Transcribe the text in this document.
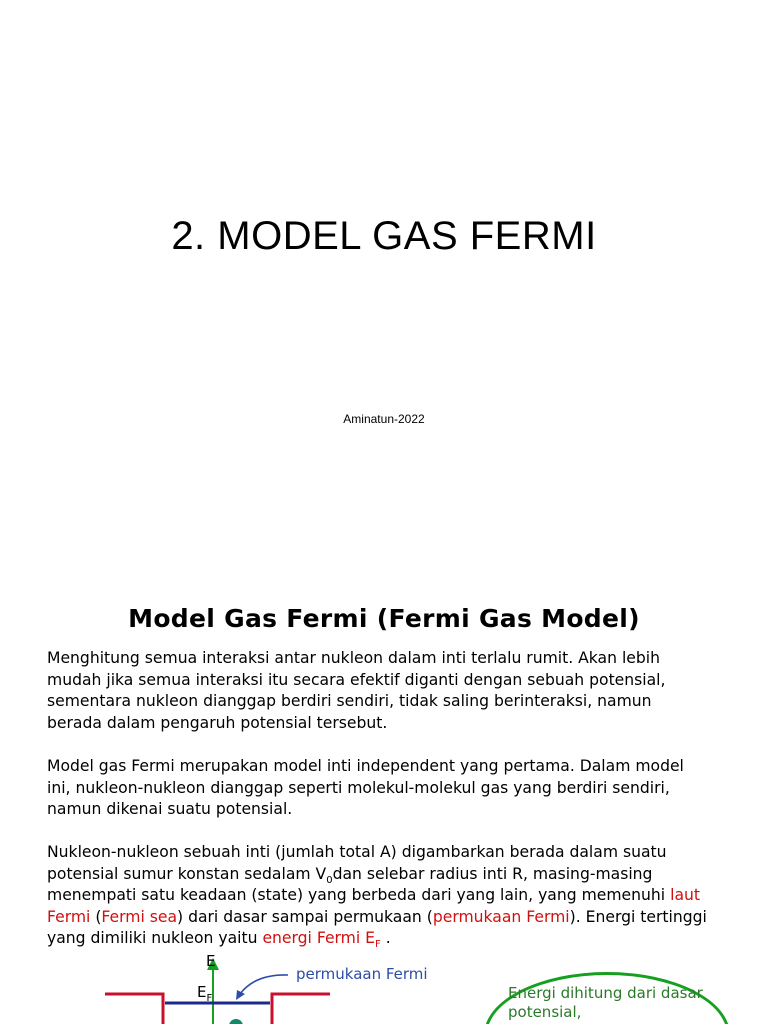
2. MODEL GAS FERMI
Aminatun-2022
Model Gas Fermi (Fermi Gas Model)
Menghitung semua interaksi antar nukleon dalam inti terlalu rumit. Akan lebih mudah jika semua interaksi itu secara efektif diganti dengan sebuah potensial, sementara nukleon dianggap berdiri sendiri, tidak saling berinteraksi, namun berada dalam pengaruh potensial tersebut.
Model gas Fermi merupakan model inti independent yang pertama. Dalam model ini, nukleon-nukleon dianggap seperti molekul-molekul gas yang berdiri sendiri, namun dikenai suatu potensial.
Nukleon-nukleon sebuah inti (jumlah total A) digambarkan berada dalam suatu potensial sumur konstan sedalam $V_0dan$ selebar radius inti R, masing-masing menempati satu keadaan (state) yang berbeda dari yang lain, yang memenuhi laut Fermi (Fermi sea) dari dasar sampai permukaan (permukaan Fermi). Energi tertinggi yang dimiliki nukleon yaitu energi Fermi $E_F$ .
E
$E_F$
permukaan Fermi
Energi dihitung dari dasar potensial,
